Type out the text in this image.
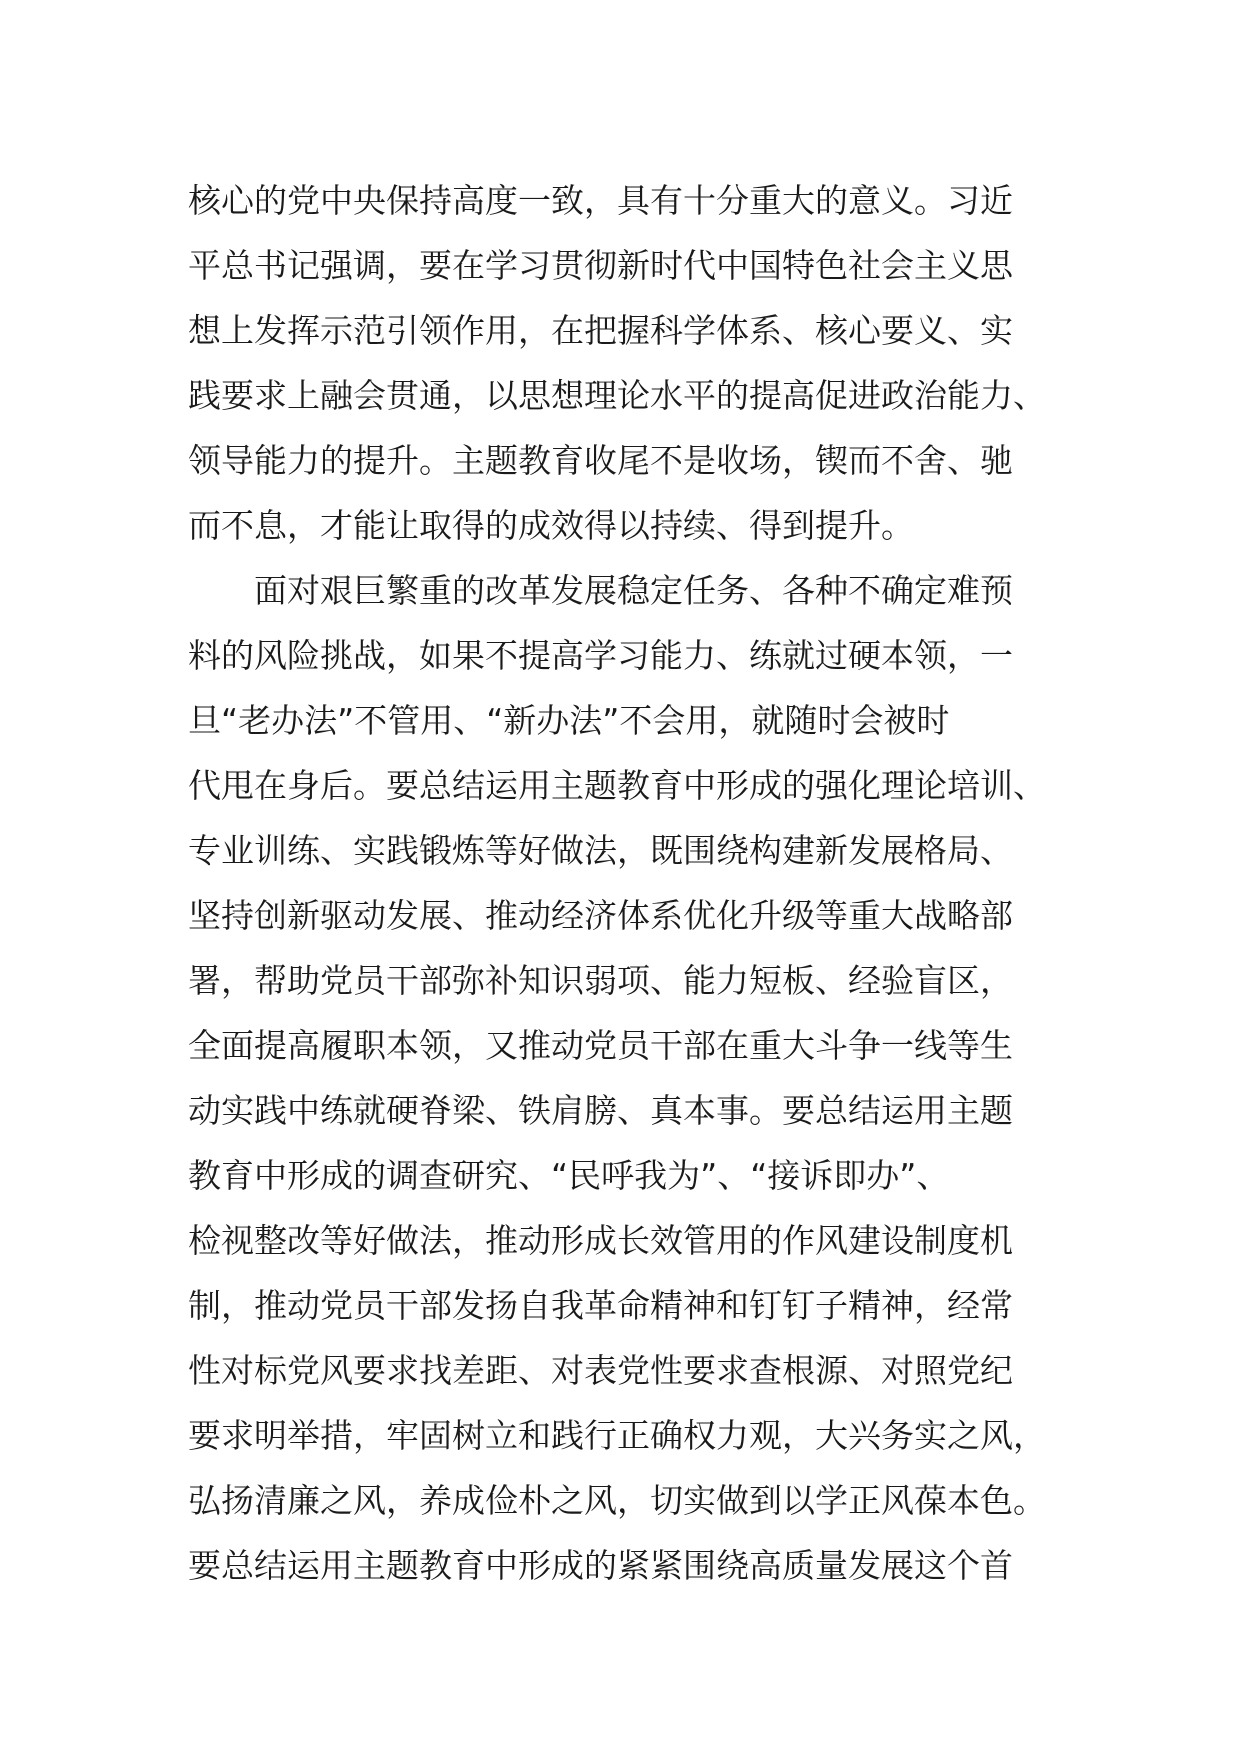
核心的党中央保持高度一致，具有十分重大的意义。习近
平总书记强调，要在学习贯彻新时代中国特色社会主义思
想上发挥示范引领作用，在把握科学体系、核心要义、实
践要求上融会贯通，以思想理论水平的提高促进政治能力、
领导能力的提升。主题教育收尾不是收场，锲而不舍、驰
而不息，才能让取得的成效得以持续、得到提升。
面对艰巨繁重的改革发展稳定任务、各种不确定难预
料的风险挑战，如果不提高学习能力、练就过硬本领，一
旦“老办法”不管用、“新办法”不会用，就随时会被时
代甩在身后。要总结运用主题教育中形成的强化理论培训、
专业训练、实践锻炼等好做法，既围绕构建新发展格局、
坚持创新驱动发展、推动经济体系优化升级等重大战略部
署，帮助党员干部弥补知识弱项、能力短板、经验盲区，
全面提高履职本领，又推动党员干部在重大斗争一线等生
动实践中练就硬脊梁、铁肩膀、真本事。要总结运用主题
教育中形成的调查研究、“民呼我为”、“接诉即办”、
检视整改等好做法，推动形成长效管用的作风建设制度机
制，推动党员干部发扬自我革命精神和钉钉子精神，经常
性对标党风要求找差距、对表党性要求查根源、对照党纪
要求明举措，牢固树立和践行正确权力观，大兴务实之风，
弘扬清廉之风，养成俭朴之风，切实做到以学正风葆本色。
要总结运用主题教育中形成的紧紧围绕高质量发展这个首
